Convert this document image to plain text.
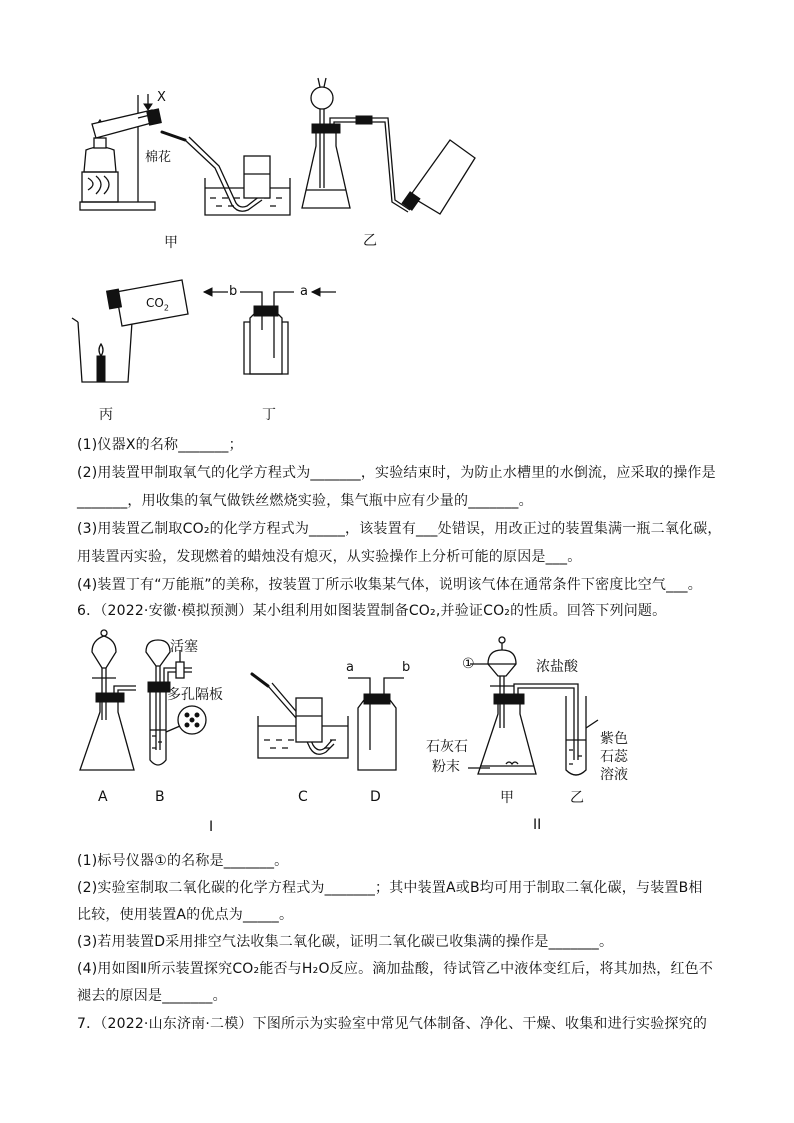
X
棉花
$CO_2$
b	a
甲	乙
丙	丁
(1)仪器X的名称_______；
(2)用装置甲制取氧气的化学方程式为_______，实验结束时，为防止水槽里的水倒流，应采取的操作是
_______，用收集的氧气做铁丝燃烧实验，集气瓶中应有少量的_______。
(3)用装置乙制取CO₂的化学方程式为_____，该装置有___处错误，用改正过的装置集满一瓶二氧化碳，
用装置丙实验，发现燃着的蜡烛没有熄灭，从实验操作上分析可能的原因是___。
(4)装置丁有“万能瓶”的美称，按装置丁所示收集某气体，说明该气体在通常条件下密度比空气___。
6．（2022·安徽·模拟预测）某小组利用如图装置制备CO₂,并验证CO₂的性质。回答下列问题。
活塞
多孔隔板
a	b	①	浓盐酸
石灰石
粉末
紫色
石蕊
溶液
A	B	C	D	甲	乙
I	II
(1)标号仪器①的名称是_______。
(2)实验室制取二氧化碳的化学方程式为_______；其中装置A或B均可用于制取二氧化碳，与装置B相
比较，使用装置A的优点为_____。
(3)若用装置D采用排空气法收集二氧化碳，证明二氧化碳已收集满的操作是_______。
(4)用如图Ⅱ所示装置探究CO₂能否与H₂O反应。滴加盐酸，待试管乙中液体变红后，将其加热，红色不
褪去的原因是_______。
7．（2022·山东济南·二模）下图所示为实验室中常见气体制备、净化、干燥、收集和进行实验探究的
